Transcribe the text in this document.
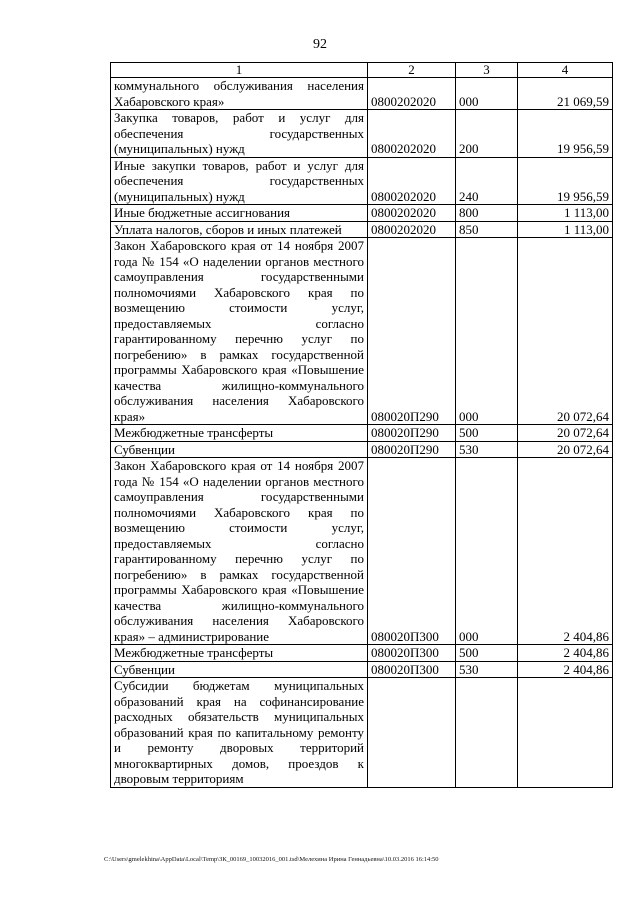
92
1	2	3	4
коммунального обслуживания населения Хабаровского края»	0800202020	000	21 069,59
Закупка товаров, работ и услуг для обеспечения государственных (муниципальных) нужд	0800202020	200	19 956,59
Иные закупки товаров, работ и услуг для обеспечения государственных (муниципальных) нужд	0800202020	240	19 956,59
Иные бюджетные ассигнования	0800202020	800	1 113,00
Уплата налогов, сборов и иных платежей	0800202020	850	1 113,00
Закон Хабаровского края от 14 ноября 2007 года № 154 «О наделении органов местного самоуправления государственными полномочиями Хабаровского края по возмещению стоимости услуг, предоставляемых согласно гарантированному перечню услуг по погребению» в рамках государственной программы Хабаровского края «Повышение качества жилищно-коммунального обслуживания населения Хабаровского края»	080020П290	000	20 072,64
Межбюджетные трансферты	080020П290	500	20 072,64
Субвенции	080020П290	530	20 072,64
Закон Хабаровского края от 14 ноября 2007 года № 154 «О наделении органов местного самоуправления государственными полномочиями Хабаровского края по возмещению стоимости услуг, предоставляемых согласно гарантированному перечню услуг по погребению» в рамках государственной программы Хабаровского края «Повышение качества жилищно-коммунального обслуживания населения Хабаровского края» – администрирование	080020П300	000	2 404,86
Межбюджетные трансферты	080020П300	500	2 404,86
Субвенции	080020П300	530	2 404,86
Субсидии бюджетам муниципальных образований края на софинансирование расходных обязательств муниципальных образований края по капитальному ремонту и ремонту дворовых территорий многоквартирных домов, проездов к дворовым территориям			
C:\Users\gmelekhina\AppData\Local\Temp\ЗК_00169_10032016_001.tsd\Мелехина Ирина Геннадьевна\10.03.2016 16:14:50
